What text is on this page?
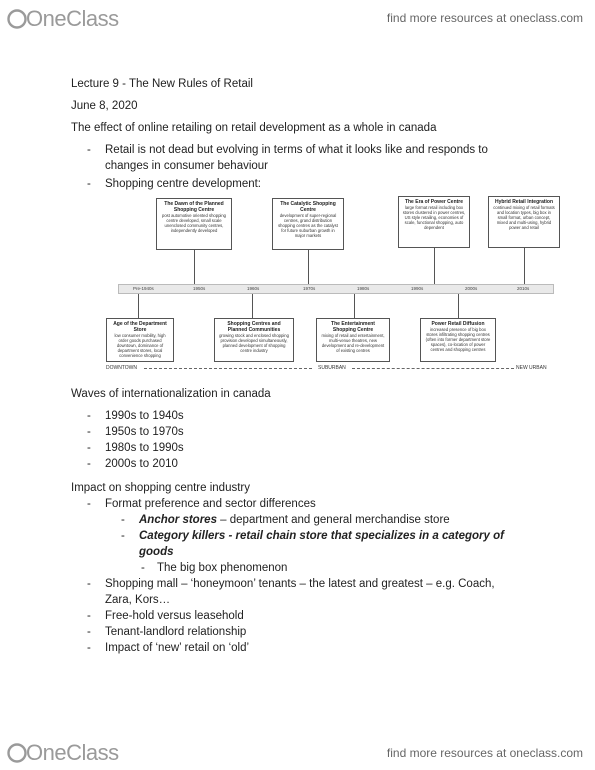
OneClass	find more resources at oneclass.com
Lecture 9 - The New Rules of Retail
June 8, 2020
The effect of online retailing on retail development as a whole in canada
- Retail is not dead but evolving in terms of what it looks like and responds to
changes in consumer behaviour
- Shopping centre development:
The Dawn of the Planned Shopping Centre
post automotive oriented shopping centre developed, small scale unenclosed community centres, independently developed
The Catalytic Shopping Centre
development of super-regional centres, grand distribution shopping centres as the catalyst for future suburban growth in major markets
The Era of Power Centre
large format retail including box stores clustered in power centres, US style retailing, economies of scale, functional shopping, auto dependent
Hybrid Retail Integration
continued mixing of retail formats and location types, big box in small format, urban concept, mixed and multi-using, hybrid power and retail
Pre-1940s	1950s	1960s	1970s	1980s	1990s	2000s	2010s
Age of the Department Store
low consumer mobility, high order goods purchased downtown, dominance of department stores, local convenience shopping
Shopping Centres and Planned Communities
growing stock and enclosed shopping provision developed simultaneously, planned development of shopping centre industry
The Entertainment Shopping Centre
mixing of retail and entertainment, multi-venue theatres, new development and re-development of existing centres
Power Retail Diffusion
increased presence of big box stores infiltrating shopping centres (often into former department store spaces), co-location of power centres and shopping centres
DOWNTOWN	SUBURBAN	NEW URBAN
Waves of internationalization in canada
- 1990s to 1940s
- 1950s to 1970s
- 1980s to 1990s
- 2000s to 2010
Impact on shopping centre industry
- Format preference and sector differences
- Anchor stores – department and general merchandise store
- Category killers - retail chain store that specializes in a category of
goods
- The big box phenomenon
- Shopping mall – ‘honeymoon’ tenants – the latest and greatest – e.g. Coach,
Zara, Kors…
- Free-hold versus leasehold
- Tenant-landlord relationship
- Impact of ‘new’ retail on ‘old’
OneClass	find more resources at oneclass.com
